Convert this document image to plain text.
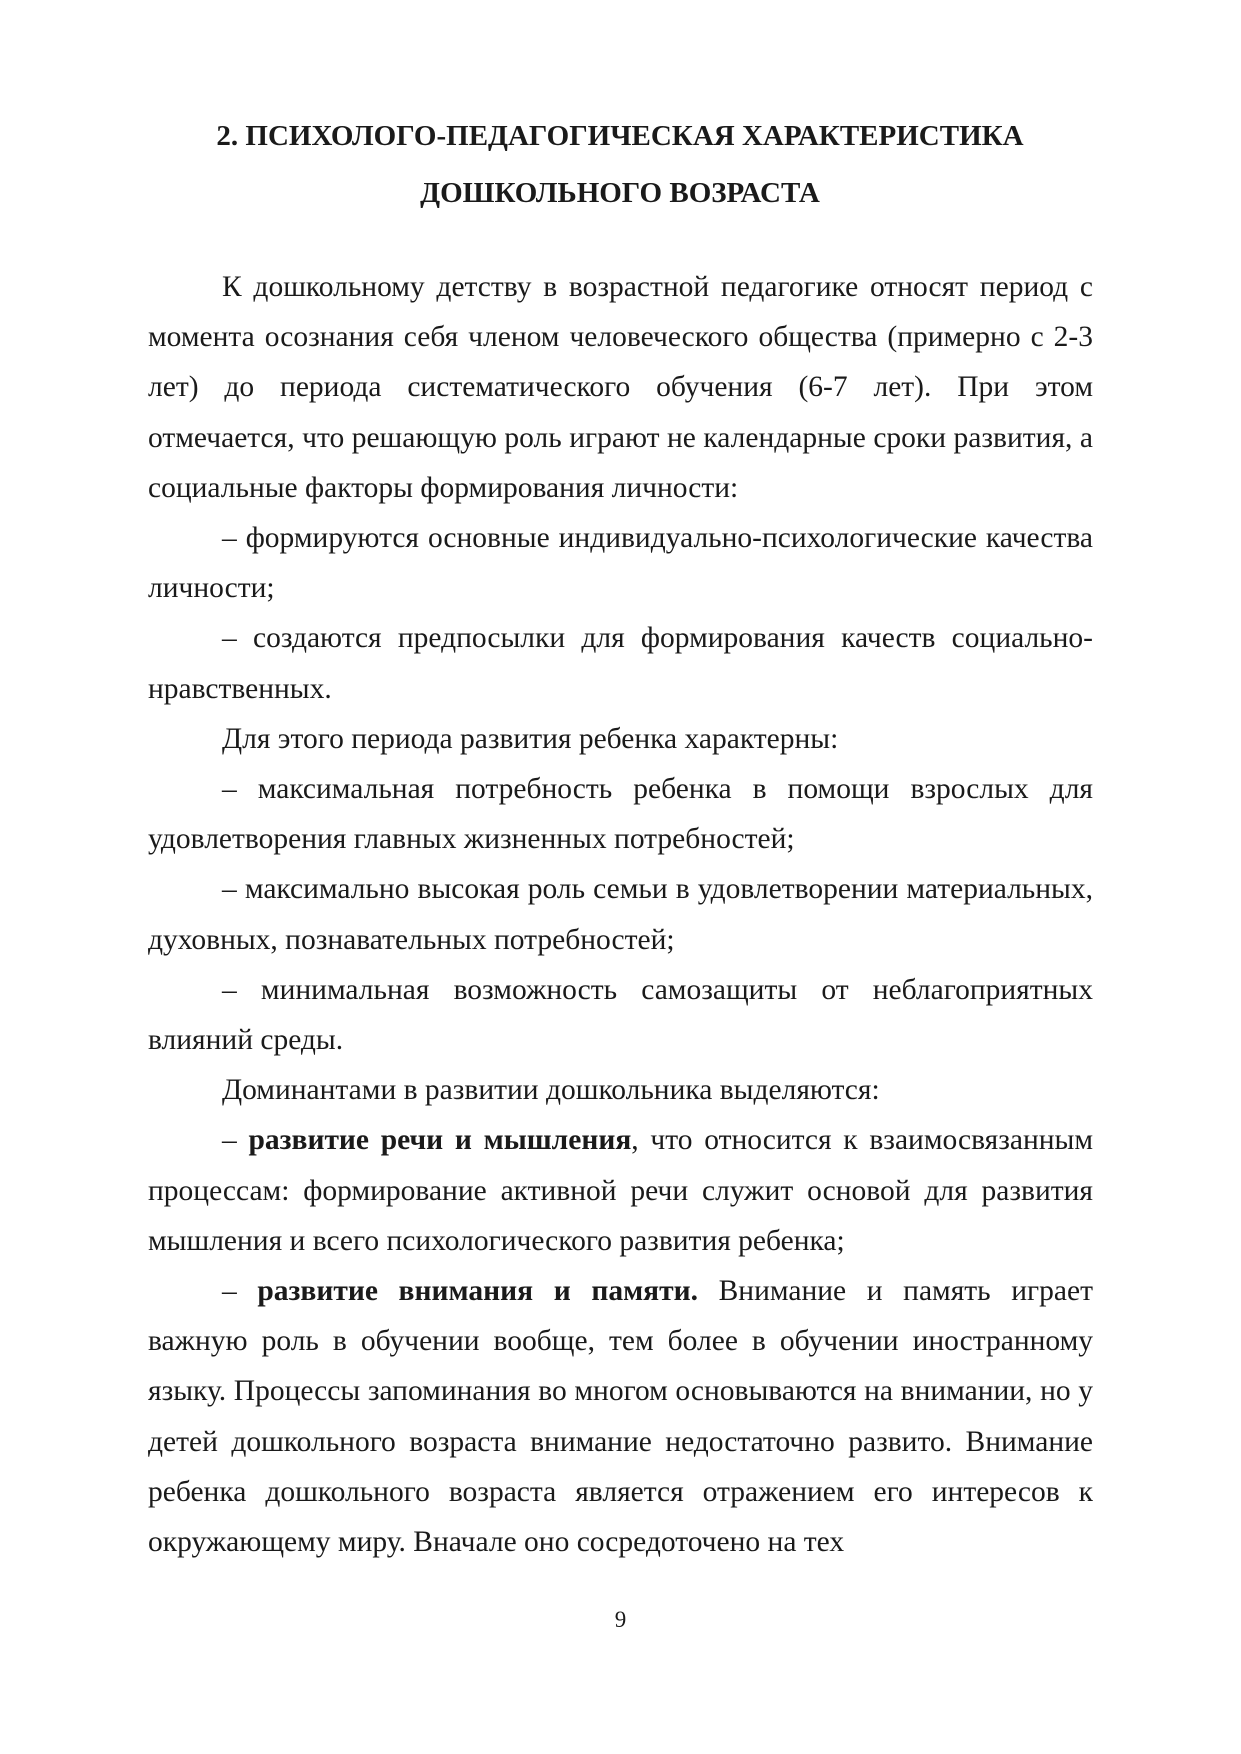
2. ПСИХОЛОГО-ПЕДАГОГИЧЕСКАЯ ХАРАКТЕРИСТИКА
ДОШКОЛЬНОГО ВОЗРАСТА

К дошкольному детству в возрастной педагогике относят период с момента осознания себя членом человеческого общества (примерно с 2-3 лет) до периода систематического обучения (6-7 лет). При этом отмечается, что решающую роль играют не календарные сроки развития, а социальные факторы формирования личности:

– формируются основные индивидуально-психологические качества личности;

– создаются предпосылки для формирования качеств социально-нравственных.

Для этого периода развития ребенка характерны:

– максимальная потребность ребенка в помощи взрослых для удовлетворения главных жизненных потребностей;

– максимально высокая роль семьи в удовлетворении материальных, духовных, познавательных потребностей;

– минимальная возможность самозащиты от неблагоприятных влияний среды.

Доминантами в развитии дошкольника выделяются:

– развитие речи и мышления, что относится к взаимосвязанным процессам: формирование активной речи служит основой для развития мышления и всего психологического развития ребенка;

– развитие внимания и памяти. Внимание и память играет важную роль в обучении вообще, тем более в обучении иностранному языку. Процессы запоминания во многом основываются на внимании, но у детей дошкольного возраста внимание недостаточно развито. Внимание ребенка дошкольного возраста является отражением его интересов к окружающему миру. Вначале оно сосредоточено на тех

9
